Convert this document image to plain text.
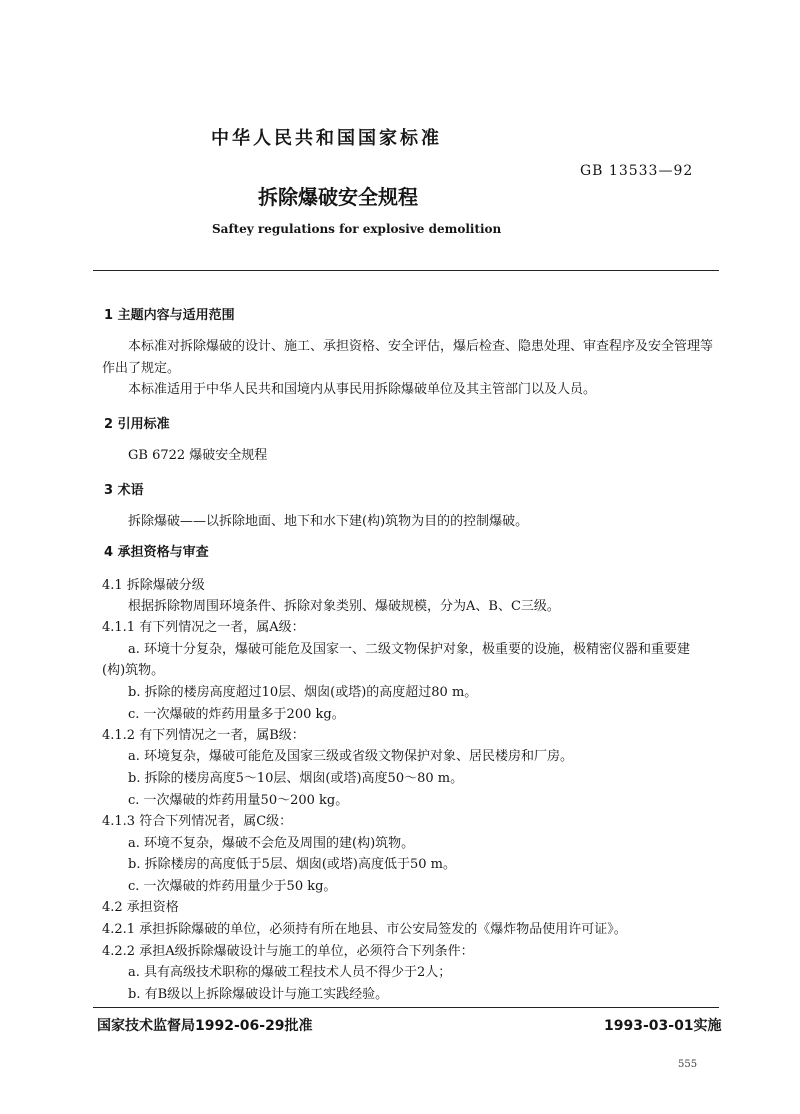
中华人民共和国国家标准
GB 13533—92
拆除爆破安全规程
Saftey regulations for explosive demolition
1 主题内容与适用范围
本标准对拆除爆破的设计、施工、承担资格、安全评估，爆后检查、隐患处理、审查程序及安全管理等
作出了规定。
本标准适用于中华人民共和国境内从事民用拆除爆破单位及其主管部门以及人员。
2 引用标准
GB 6722 爆破安全规程
3 术语
拆除爆破——以拆除地面、地下和水下建(构)筑物为目的的控制爆破。
4 承担资格与审查
4.1 拆除爆破分级
根据拆除物周围环境条件、拆除对象类别、爆破规模，分为A、B、C三级。
4.1.1 有下列情况之一者，属A级：
a. 环境十分复杂，爆破可能危及国家一、二级文物保护对象，极重要的设施，极精密仪器和重要建
(构)筑物。
b. 拆除的楼房高度超过10层、烟囱(或塔)的高度超过80 m。
c. 一次爆破的炸药用量多于200 kg。
4.1.2 有下列情况之一者，属B级：
a. 环境复杂，爆破可能危及国家三级或省级文物保护对象、居民楼房和厂房。
b. 拆除的楼房高度5～10层、烟囱(或塔)高度50～80 m。
c. 一次爆破的炸药用量50～200 kg。
4.1.3 符合下列情况者，属C级：
a. 环境不复杂，爆破不会危及周围的建(构)筑物。
b. 拆除楼房的高度低于5层、烟囱(或塔)高度低于50 m。
c. 一次爆破的炸药用量少于50 kg。
4.2 承担资格
4.2.1 承担拆除爆破的单位，必须持有所在地县、市公安局签发的《爆炸物品使用许可证》。
4.2.2 承担A级拆除爆破设计与施工的单位，必须符合下列条件：
a. 具有高级技术职称的爆破工程技术人员不得少于2人；
b. 有B级以上拆除爆破设计与施工实践经验。
国家技术监督局1992-06-29批准	1993-03-01实施
555
